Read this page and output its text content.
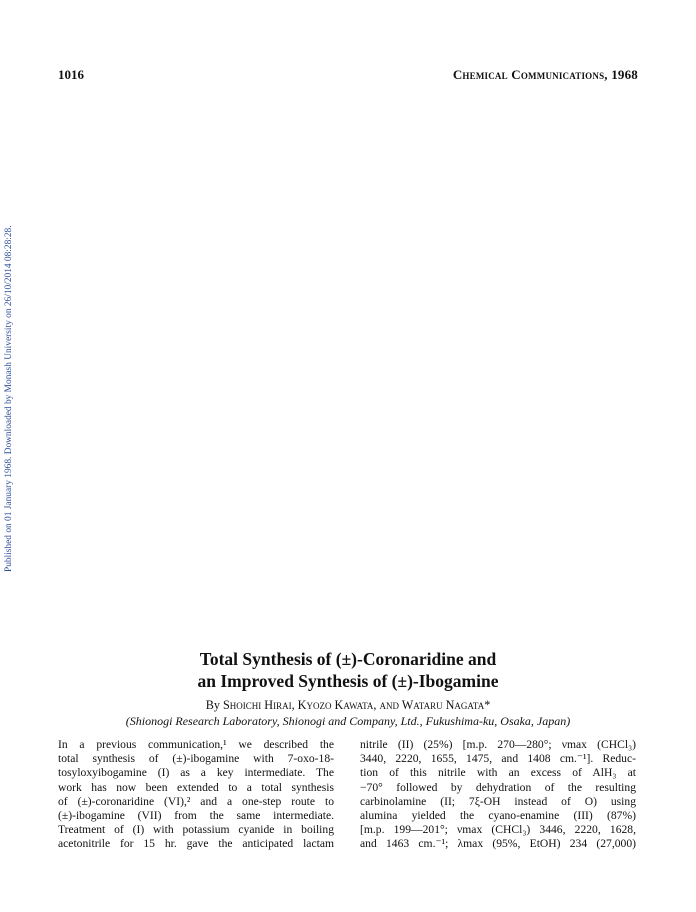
1016	Chemical Communications, 1968
Published on 01 January 1968. Downloaded by Monash University on 26/10/2014 08:28:28.
Total Synthesis of (±)-Coronaridine and
an Improved Synthesis of (±)-Ibogamine
By Shoichi Hirai, Kyozo Kawata, and Wataru Nagata*
(Shionogi Research Laboratory, Shionogi and Company, Ltd., Fukushima-ku, Osaka, Japan)
In a previous communication,¹ we described the
total synthesis of (±)-ibogamine with 7-oxo-18-
tosyloxyibogamine (I) as a key intermediate. The
work has now been extended to a total synthesis
of (±)-coronaridine (VI),² and a one-step route to
(±)-ibogamine (VII) from the same intermediate.
Treatment of (I) with potassium cyanide in boiling
acetonitrile for 15 hr. gave the anticipated lactam
nitrile (II) (25%) [m.p. 270—280°; νmax (CHCl₃)
3440, 2220, 1655, 1475, and 1408 cm.⁻¹]. Reduc-
tion of this nitrile with an excess of AlH₃ at
−70° followed by dehydration of the resulting
carbinolamine (II; 7ξ-OH instead of O) using
alumina yielded the cyano-enamine (III) (87%)
[m.p. 199—201°; νmax (CHCl₃) 3446, 2220, 1628,
and 1463 cm.⁻¹; λmax (95%, EtOH) 234 (27,000)
